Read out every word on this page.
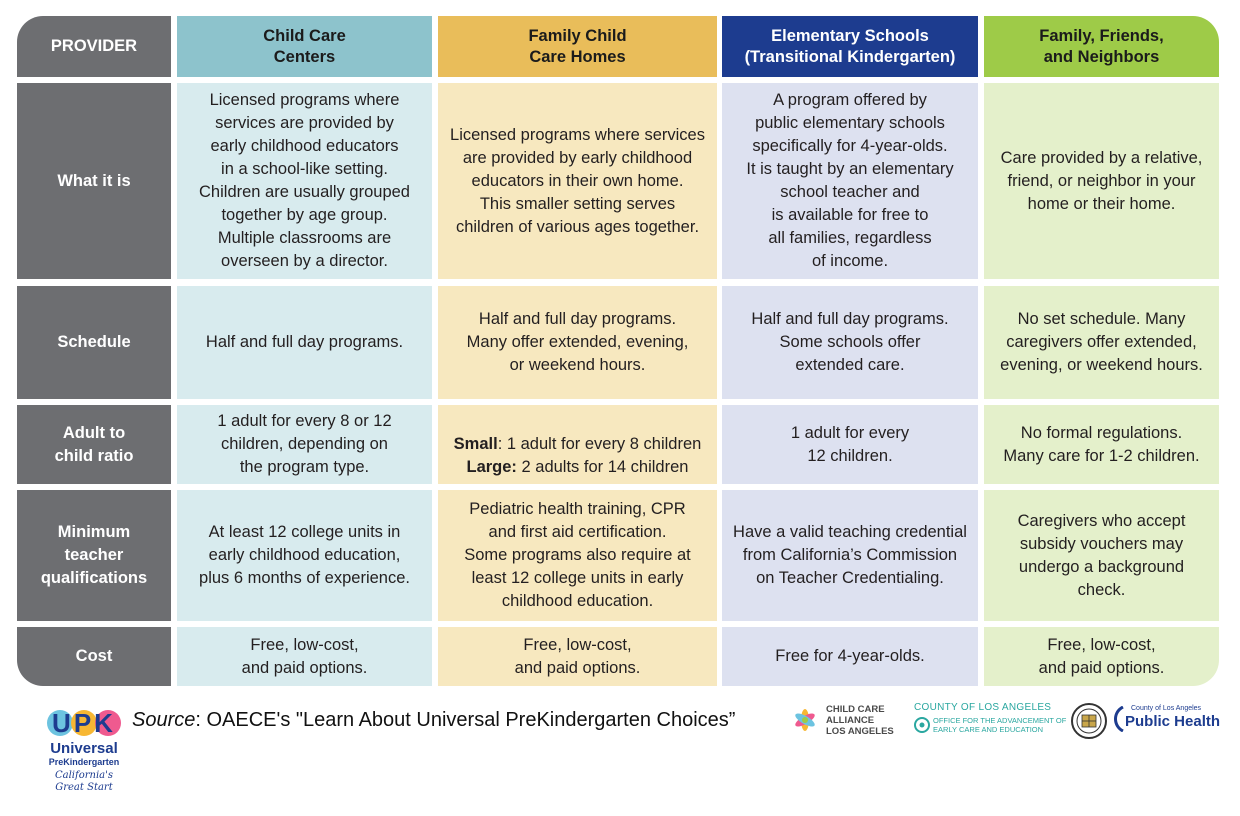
PROVIDER
Child Care
Centers
Family Child
Care Homes
Elementary Schools
(Transitional Kindergarten)
Family, Friends,
and Neighbors
What it is
Licensed programs where
services are provided by
early childhood educators
in a school-like setting.
Children are usually grouped
together by age group.
Multiple classrooms are
overseen by a director.
Licensed programs where services
are provided by early childhood
educators in their own home.
This smaller setting serves
children of various ages together.
A program offered by
public elementary schools
specifically for 4-year-olds.
It is taught by an elementary
school teacher and
is available for free to
all families, regardless
of income.
Care provided by a relative,
friend, or neighbor in your
home or their home.
Schedule	Half and full day programs.
Half and full day programs.
Many offer extended, evening,
or weekend hours.
Half and full day programs.
Some schools offer
extended care.
No set schedule. Many
caregivers offer extended,
evening, or weekend hours.
Adult to
child ratio
1 adult for every 8 or 12
children, depending on
the program type.

Small: 1 adult for every 8 children
Large: 2 adults for 14 children

1 adult for every
12 children.
No formal regulations.
Many care for 1-2 children.
Minimum
teacher
qualifications
At least 12 college units in
early childhood education,
plus 6 months of experience.
Pediatric health training, CPR
and first aid certification.
Some programs also require at
least 12 college units in early
childhood education.
Have a valid teaching credential
from California’s Commission
on Teacher Credentialing.
Caregivers who accept
subsidy vouchers may
undergo a background
check.
Cost
Free, low-cost,
and paid options.
Free, low-cost,
and paid options.
Free for 4-year-olds.
Free, low-cost,
and paid options.
UPK
Universal
PreKindergarten
California's
Great Start
Source: OAECE's "Learn About Universal PreKindergarten Choices”	CHILD CARE
ALLIANCE
LOS ANGELES
COUNTY OF LOS ANGELES
OFFICE FOR THE ADVANCEMENT OF
EARLY CARE AND EDUCATION
County of Los Angeles
Public Health
